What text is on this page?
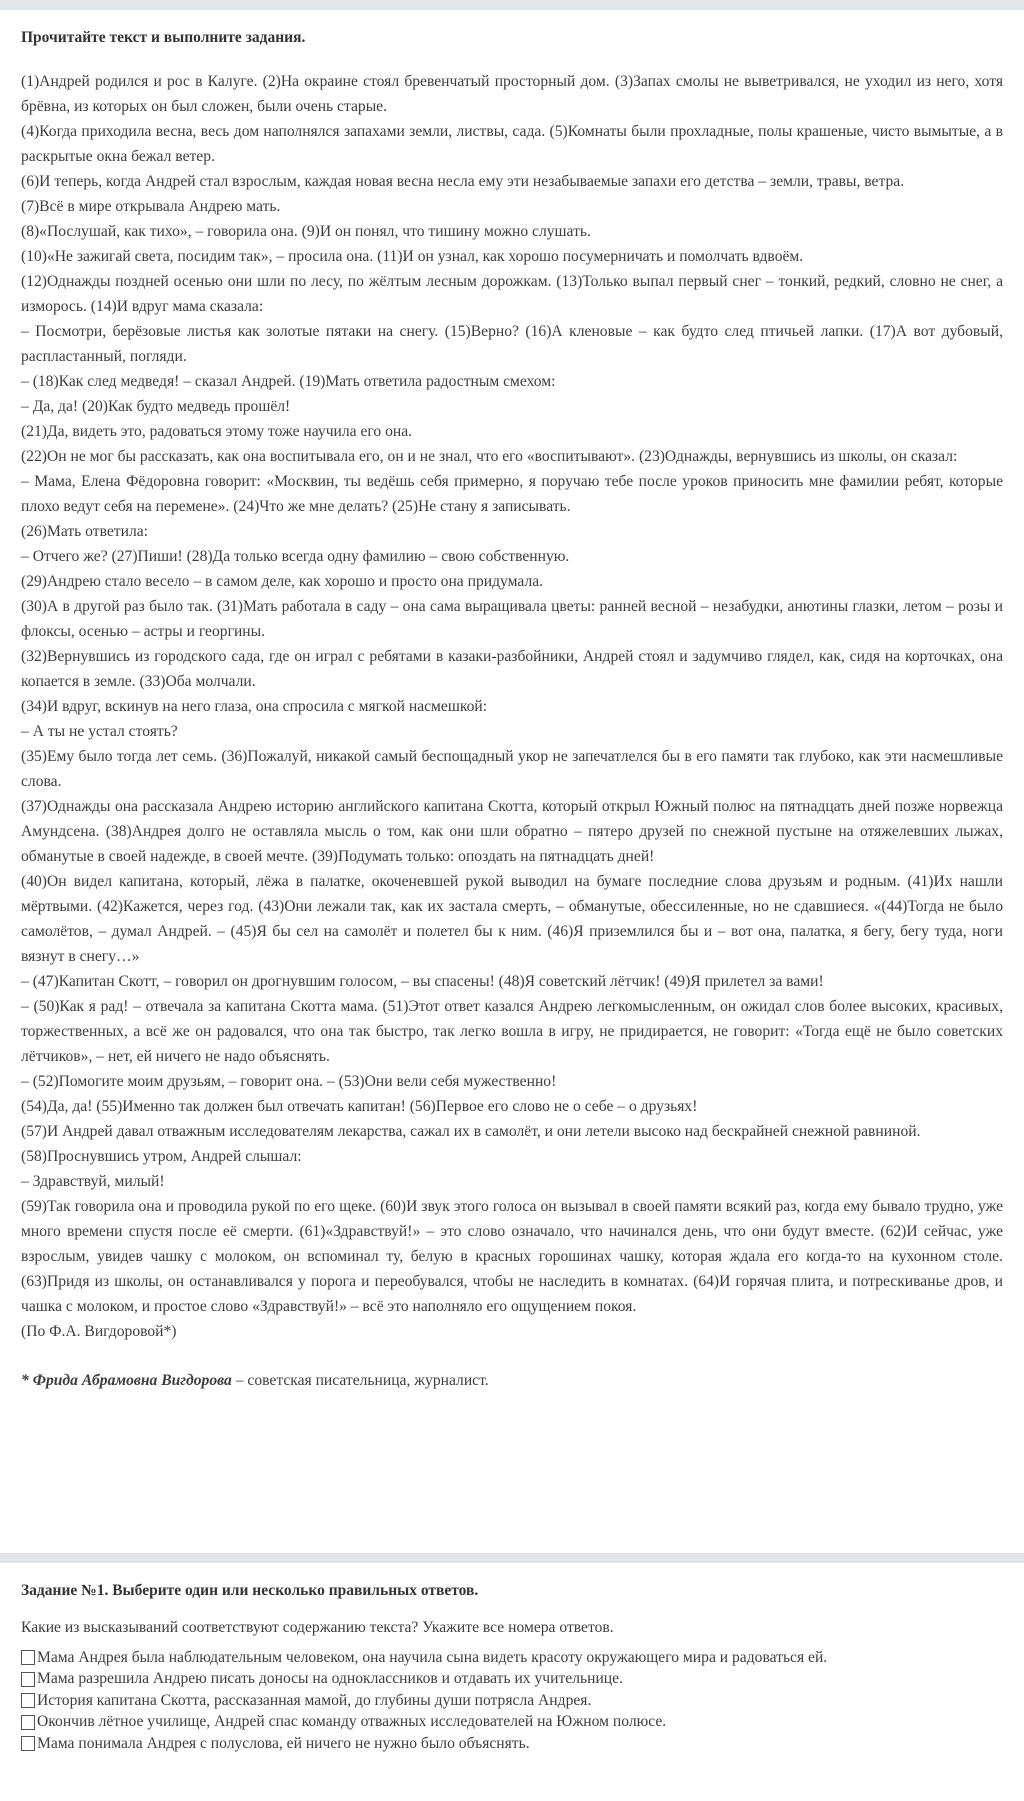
Прочитайте текст и выполните задания.

(1)Андрей родился и рос в Калуге. (2)На окраине стоял бревенчатый просторный дом. (3)Запах смолы не выветривался, не уходил из него, хотя брёвна, из которых он был сложен, были очень старые.

(4)Когда приходила весна, весь дом наполнялся запахами земли, листвы, сада. (5)Комнаты были прохладные, полы крашеные, чисто вымытые, а в раскрытые окна бежал ветер.

(6)И теперь, когда Андрей стал взрослым, каждая новая весна несла ему эти незабываемые запахи его детства – земли, травы, ветра.

(7)Всё в мире открывала Андрею мать.

(8)«Послушай, как тихо», – говорила она. (9)И он понял, что тишину можно слушать.

(10)«Не зажигай света, посидим так», – просила она. (11)И он узнал, как хорошо посумерничать и помолчать вдвоём.

(12)Однажды поздней осенью они шли по лесу, по жёлтым лесным дорожкам. (13)Только выпал первый снег – тонкий, редкий, словно не снег, а изморось. (14)И вдруг мама сказала:

– Посмотри, берёзовые листья как золотые пятаки на снегу. (15)Верно? (16)А кленовые – как будто след птичьей лапки. (17)А вот дубовый, распластанный, погляди.

– (18)Как след медведя! – сказал Андрей. (19)Мать ответила радостным смехом:

– Да, да! (20)Как будто медведь прошёл!

(21)Да, видеть это, радоваться этому тоже научила его она.

(22)Он не мог бы рассказать, как она воспитывала его, он и не знал, что его «воспитывают». (23)Однажды, вернувшись из школы, он сказал:

– Мама, Елена Фёдоровна говорит: «Москвин, ты ведёшь себя примерно, я поручаю тебе после уроков приносить мне фамилии ребят, которые плохо ведут себя на перемене». (24)Что же мне делать? (25)Не стану я записывать.

(26)Мать ответила:

– Отчего же? (27)Пиши! (28)Да только всегда одну фамилию – свою собственную.

(29)Андрею стало весело – в самом деле, как хорошо и просто она придумала.

(30)А в другой раз было так. (31)Мать работала в саду – она сама выращивала цветы: ранней весной – незабудки, анютины глазки, летом – розы и флоксы, осенью – астры и георгины.

(32)Вернувшись из городского сада, где он играл с ребятами в казаки-разбойники, Андрей стоял и задумчиво глядел, как, сидя на корточках, она копается в земле. (33)Оба молчали.

(34)И вдруг, вскинув на него глаза, она спросила с мягкой насмешкой:

– А ты не устал стоять?

(35)Ему было тогда лет семь. (36)Пожалуй, никакой самый беспощадный укор не запечатлелся бы в его памяти так глубоко, как эти насмешливые слова.

(37)Однажды она рассказала Андрею историю английского капитана Скотта, который открыл Южный полюс на пятнадцать дней позже норвежца Амундсена. (38)Андрея долго не оставляла мысль о том, как они шли обратно – пятеро друзей по снежной пустыне на отяжелевших лыжах, обманутые в своей надежде, в своей мечте. (39)Подумать только: опоздать на пятнадцать дней!

(40)Он видел капитана, который, лёжа в палатке, окоченевшей рукой выводил на бумаге последние слова друзьям и родным. (41)Их нашли мёртвыми. (42)Кажется, через год. (43)Они лежали так, как их застала смерть, – обманутые, обессиленные, но не сдавшиеся. «(44)Тогда не было самолётов, – думал Андрей. – (45)Я бы сел на самолёт и полетел бы к ним. (46)Я приземлился бы и – вот она, палатка, я бегу, бегу туда, ноги вязнут в снегу…»

– (47)Капитан Скотт, – говорил он дрогнувшим голосом, – вы спасены! (48)Я советский лётчик! (49)Я прилетел за вами!

– (50)Как я рад! – отвечала за капитана Скотта мама. (51)Этот ответ казался Андрею легкомысленным, он ожидал слов более высоких, красивых, торжественных, а всё же он радовался, что она так быстро, так легко вошла в игру, не придирается, не говорит: «Тогда ещё не было советских лётчиков», – нет, ей ничего не надо объяснять.

– (52)Помогите моим друзьям, – говорит она. – (53)Они вели себя мужественно!

(54)Да, да! (55)Именно так должен был отвечать капитан! (56)Первое его слово не о себе – о друзьях!

(57)И Андрей давал отважным исследователям лекарства, сажал их в самолёт, и они летели высоко над бескрайней снежной равниной.

(58)Проснувшись утром, Андрей слышал:

– Здравствуй, милый!

(59)Так говорила она и проводила рукой по его щеке. (60)И звук этого голоса он вызывал в своей памяти всякий раз, когда ему бывало трудно, уже много времени спустя после её смерти. (61)«Здравствуй!» – это слово означало, что начинался день, что они будут вместе. (62)И сейчас, уже взрослым, увидев чашку с молоком, он вспоминал ту, белую в красных горошинах чашку, которая ждала его когда-то на кухонном столе. (63)Придя из школы, он останавливался у порога и переобувался, чтобы не наследить в комнатах. (64)И горячая плита, и потрескиванье дров, и чашка с молоком, и простое слово «Здравствуй!» – всё это наполняло его ощущением покоя.

(По Ф.А. Вигдоровой*)

* Фрида Абрамовна Вигдорова – советская писательница, журналист.
Задание №1. Выберите один или несколько правильных ответов.
Какие из высказываний соответствуют содержанию текста? Укажите все номера ответов.
Мама Андрея была наблюдательным человеком, она научила сына видеть красоту окружающего мира и радоваться ей.
Мама разрешила Андрею писать доносы на одноклассников и отдавать их учительнице.
История капитана Скотта, рассказанная мамой, до глубины души потрясла Андрея.
Окончив лётное училище, Андрей спас команду отважных исследователей на Южном полюсе.
Мама понимала Андрея с полуслова, ей ничего не нужно было объяснять.
